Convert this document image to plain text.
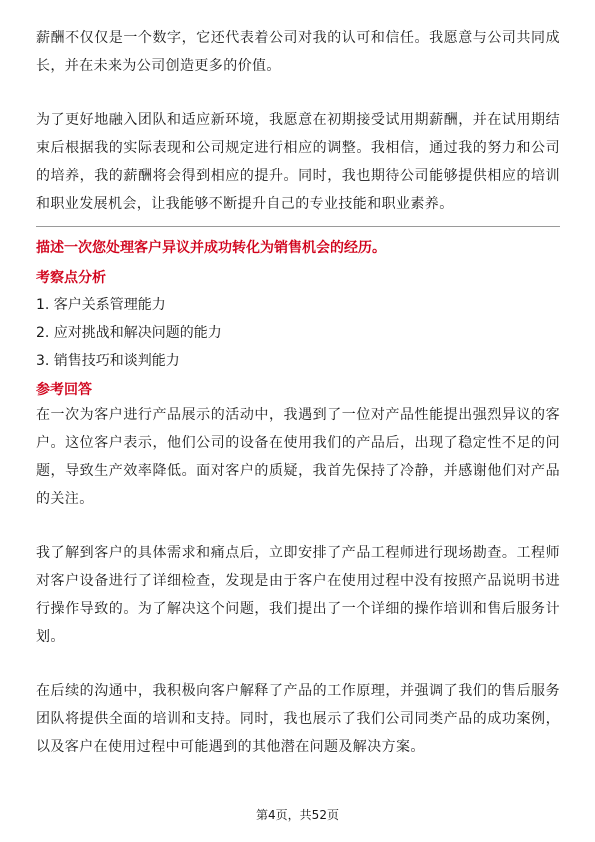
薪酬不仅仅是一个数字，它还代表着公司对我的认可和信任。我愿意与公司共同成长，并在未来为公司创造更多的价值。

为了更好地融入团队和适应新环境，我愿意在初期接受试用期薪酬，并在试用期结束后根据我的实际表现和公司规定进行相应的调整。我相信，通过我的努力和公司的培养，我的薪酬将会得到相应的提升。同时，我也期待公司能够提供相应的培训和职业发展机会，让我能够不断提升自己的专业技能和职业素养。

描述一次您处理客户异议并成功转化为销售机会的经历。
考察点分析
1. 客户关系管理能力
2. 应对挑战和解决问题的能力
3. 销售技巧和谈判能力
参考回答

在一次为客户进行产品展示的活动中，我遇到了一位对产品性能提出强烈异议的客户。这位客户表示，他们公司的设备在使用我们的产品后，出现了稳定性不足的问题，导致生产效率降低。面对客户的质疑，我首先保持了冷静，并感谢他们对产品的关注。

我了解到客户的具体需求和痛点后，立即安排了产品工程师进行现场勘查。工程师对客户设备进行了详细检查，发现是由于客户在使用过程中没有按照产品说明书进行操作导致的。为了解决这个问题，我们提出了一个详细的操作培训和售后服务计划。

在后续的沟通中，我积极向客户解释了产品的工作原理，并强调了我们的售后服务团队将提供全面的培训和支持。同时，我也展示了我们公司同类产品的成功案例，以及客户在使用过程中可能遇到的其他潜在问题及解决方案。

第4页，共52页
